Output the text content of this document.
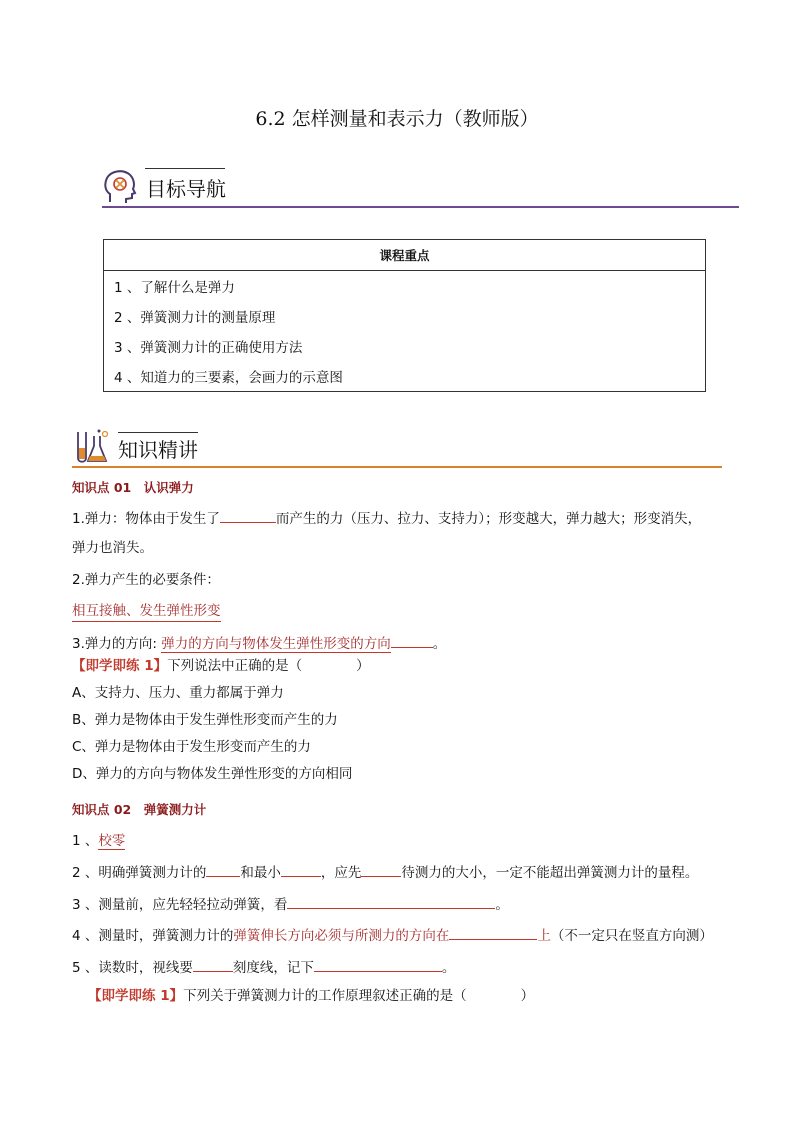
6.2 怎样测量和表示力（教师版）
目标导航
课程重点
1 、了解什么是弹力
2 、弹簧测力计的测量原理
3 、弹簧测力计的正确使用方法
4 、知道力的三要素，会画力的示意图
知识精讲
知识点 01　认识弹力
1.弹力：物体由于发生了	而产生的力（压力、拉力、支持力）；形变越大，弹力越大；形变消失，
弹力也消失。
2.弹力产生的必要条件：
相互接触、发生弹性形变
3.弹力的方向: 弹力的方向与物体发生弹性形变的方向	。
【即学即练 1】下列说法中正确的是（　　　　）
A、支持力、压力、重力都属于弹力
B、弹力是物体由于发生弹性形变而产生的力
C、弹力是物体由于发生形变而产生的力
D、弹力的方向与物体发生弹性形变的方向相同
知识点 02　弹簧测力计
1 、校零
2 、明确弹簧测力计的	和最小	，应先	待测力的大小，一定不能超出弹簧测力计的量程。
3 、测量前，应先轻轻拉动弹簧，看	。
4 、测量时，弹簧测力计的弹簧伸长方向必须与所测力的方向在	上（不一定只在竖直方向测）
5 、读数时，视线要	刻度线，记下	。
【即学即练 1】下列关于弹簧测力计的工作原理叙述正确的是（　　　　）
